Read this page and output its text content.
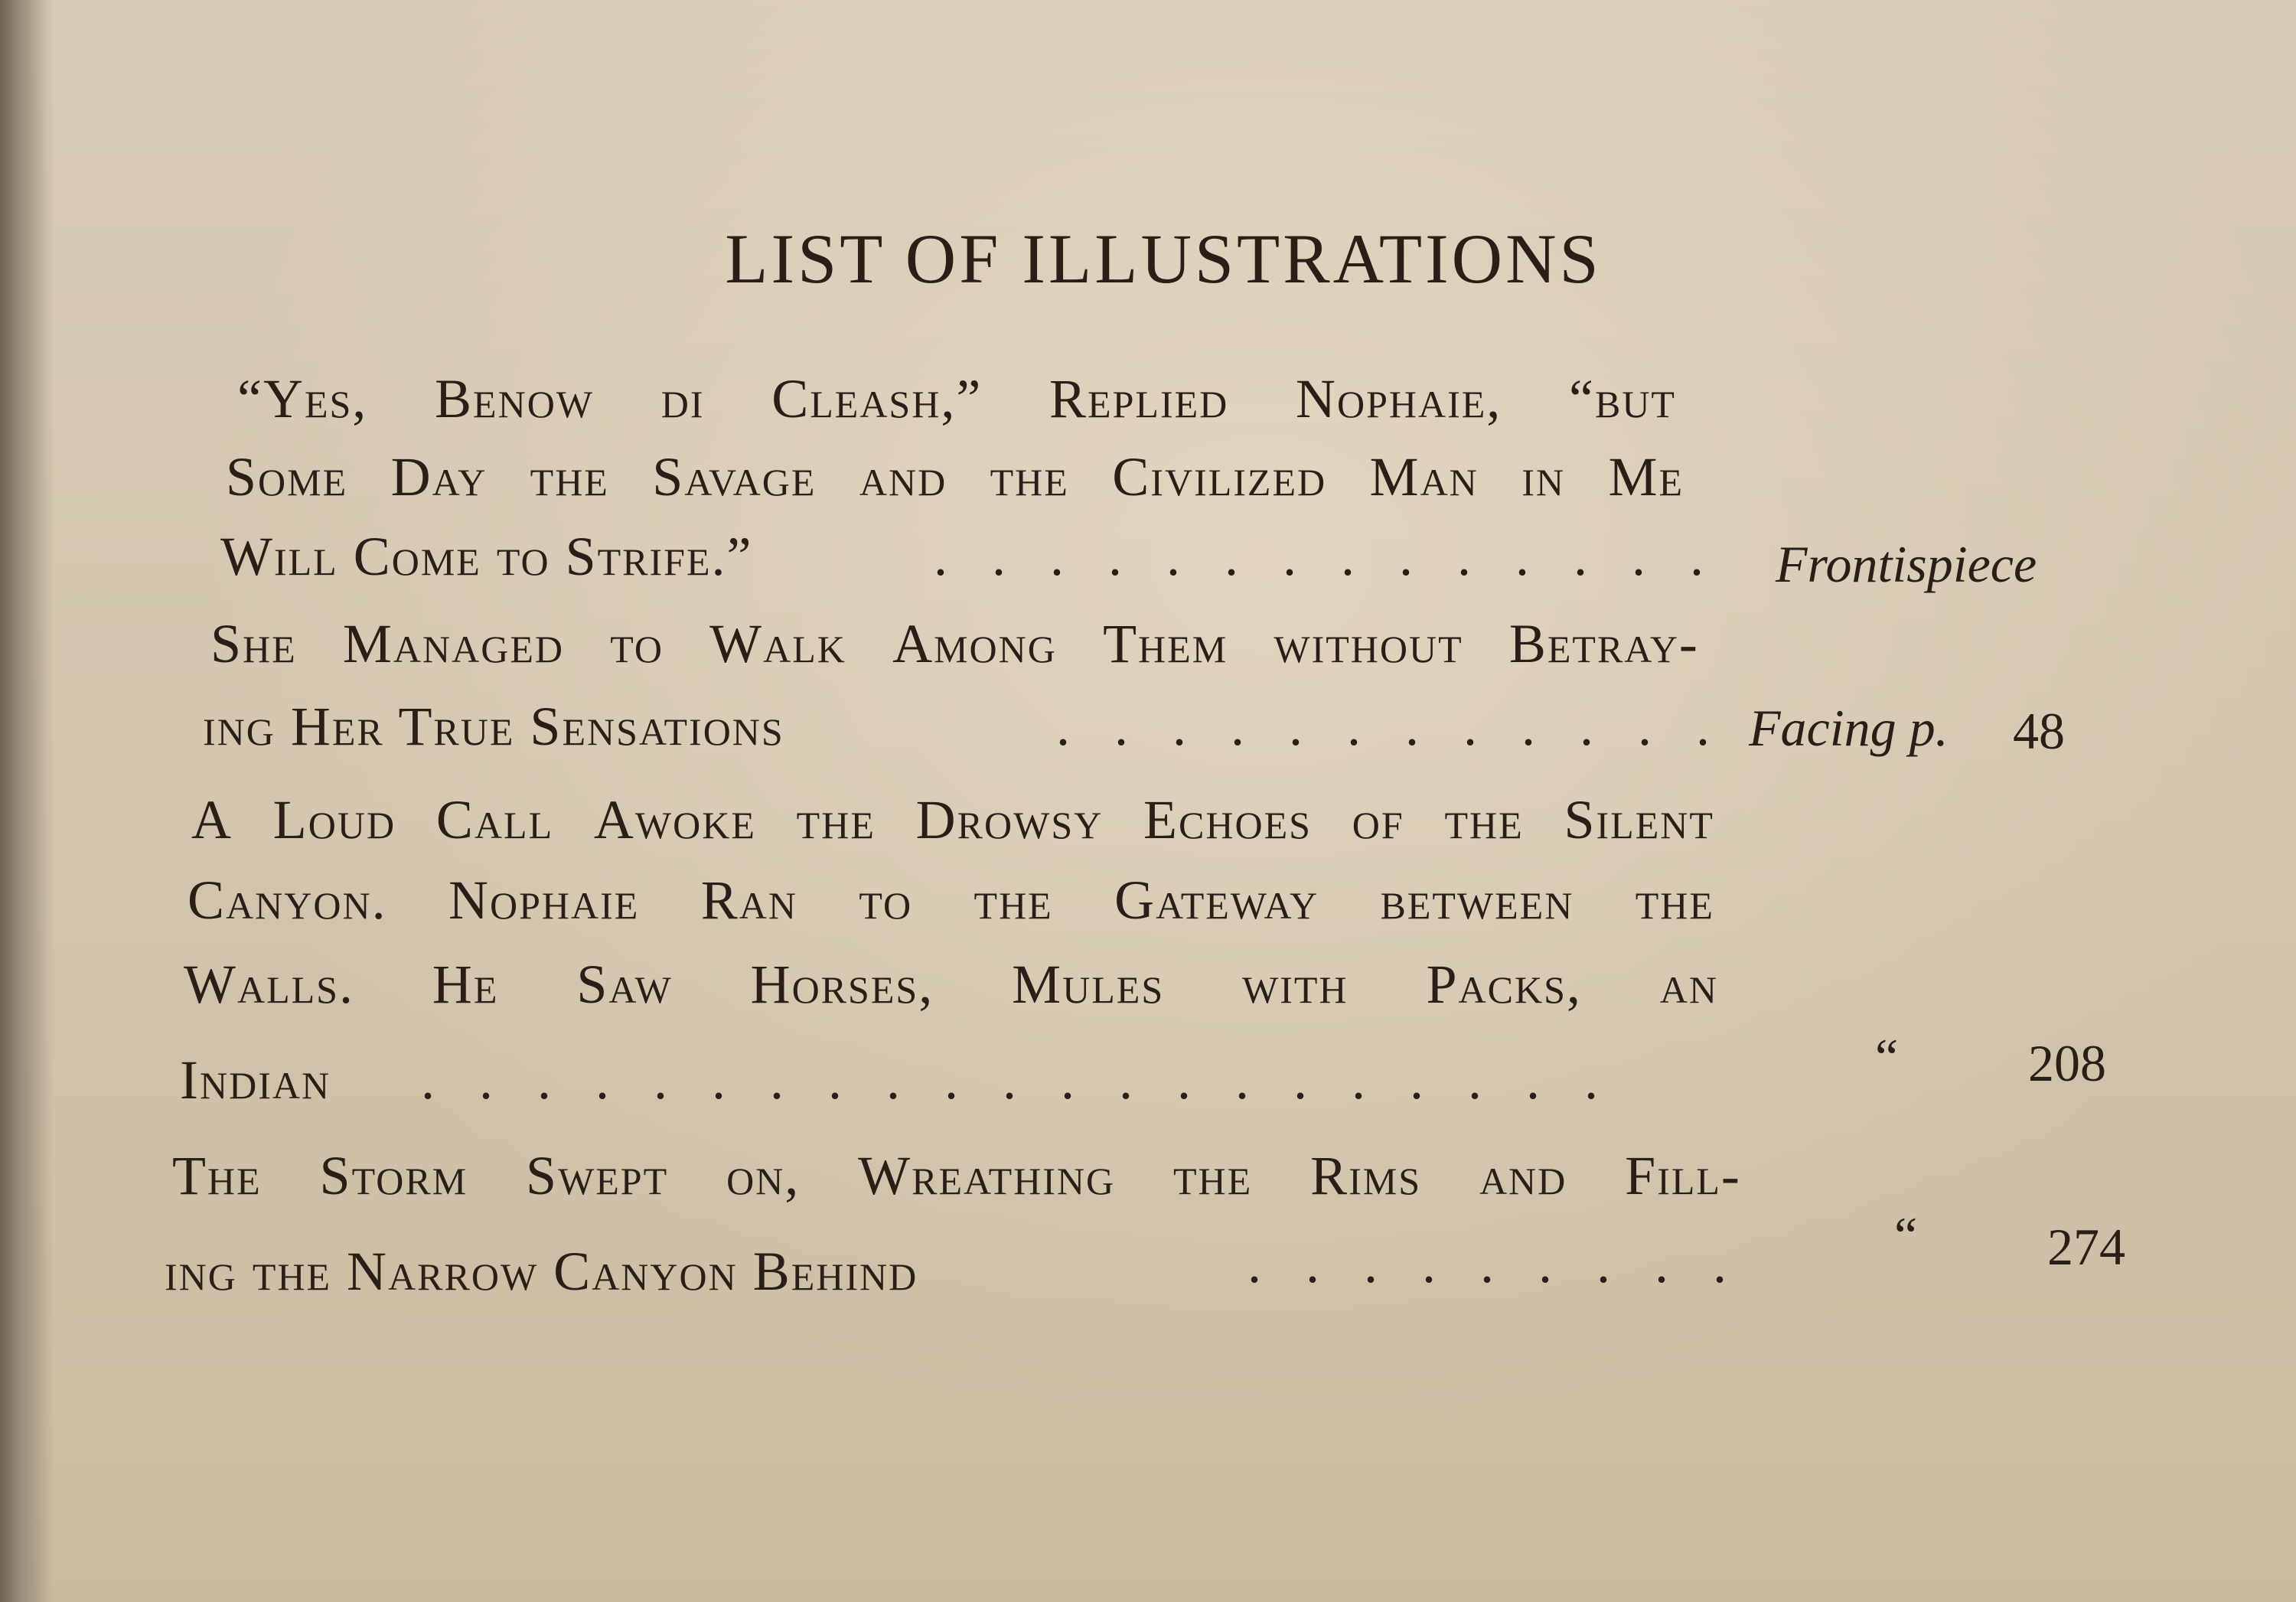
LIST OF ILLUSTRATIONS
“Yes, Benow di Cleash,” Replied Nophaie, “but
Some Day the Savage and the Civilized Man in Me
Will Come to Strife.”	. . . . . . . . . . . . . . Frontispiece
She Managed to Walk Among Them without Betray-
ing Her True Sensations	. . . . . . . . . . . . Facing p. 48
A Loud Call Awoke the Drowsy Echoes of the Silent
Canyon. Nophaie Ran to the Gateway between the
Walls. He Saw Horses, Mules with Packs, an
Indian . . . . . . . . . . . . . . . . . . . . .	“ 208
The Storm Swept on, Wreathing the Rims and Fill-
ing the Narrow Canyon Behind	. . . . . . . . .	“ 274
